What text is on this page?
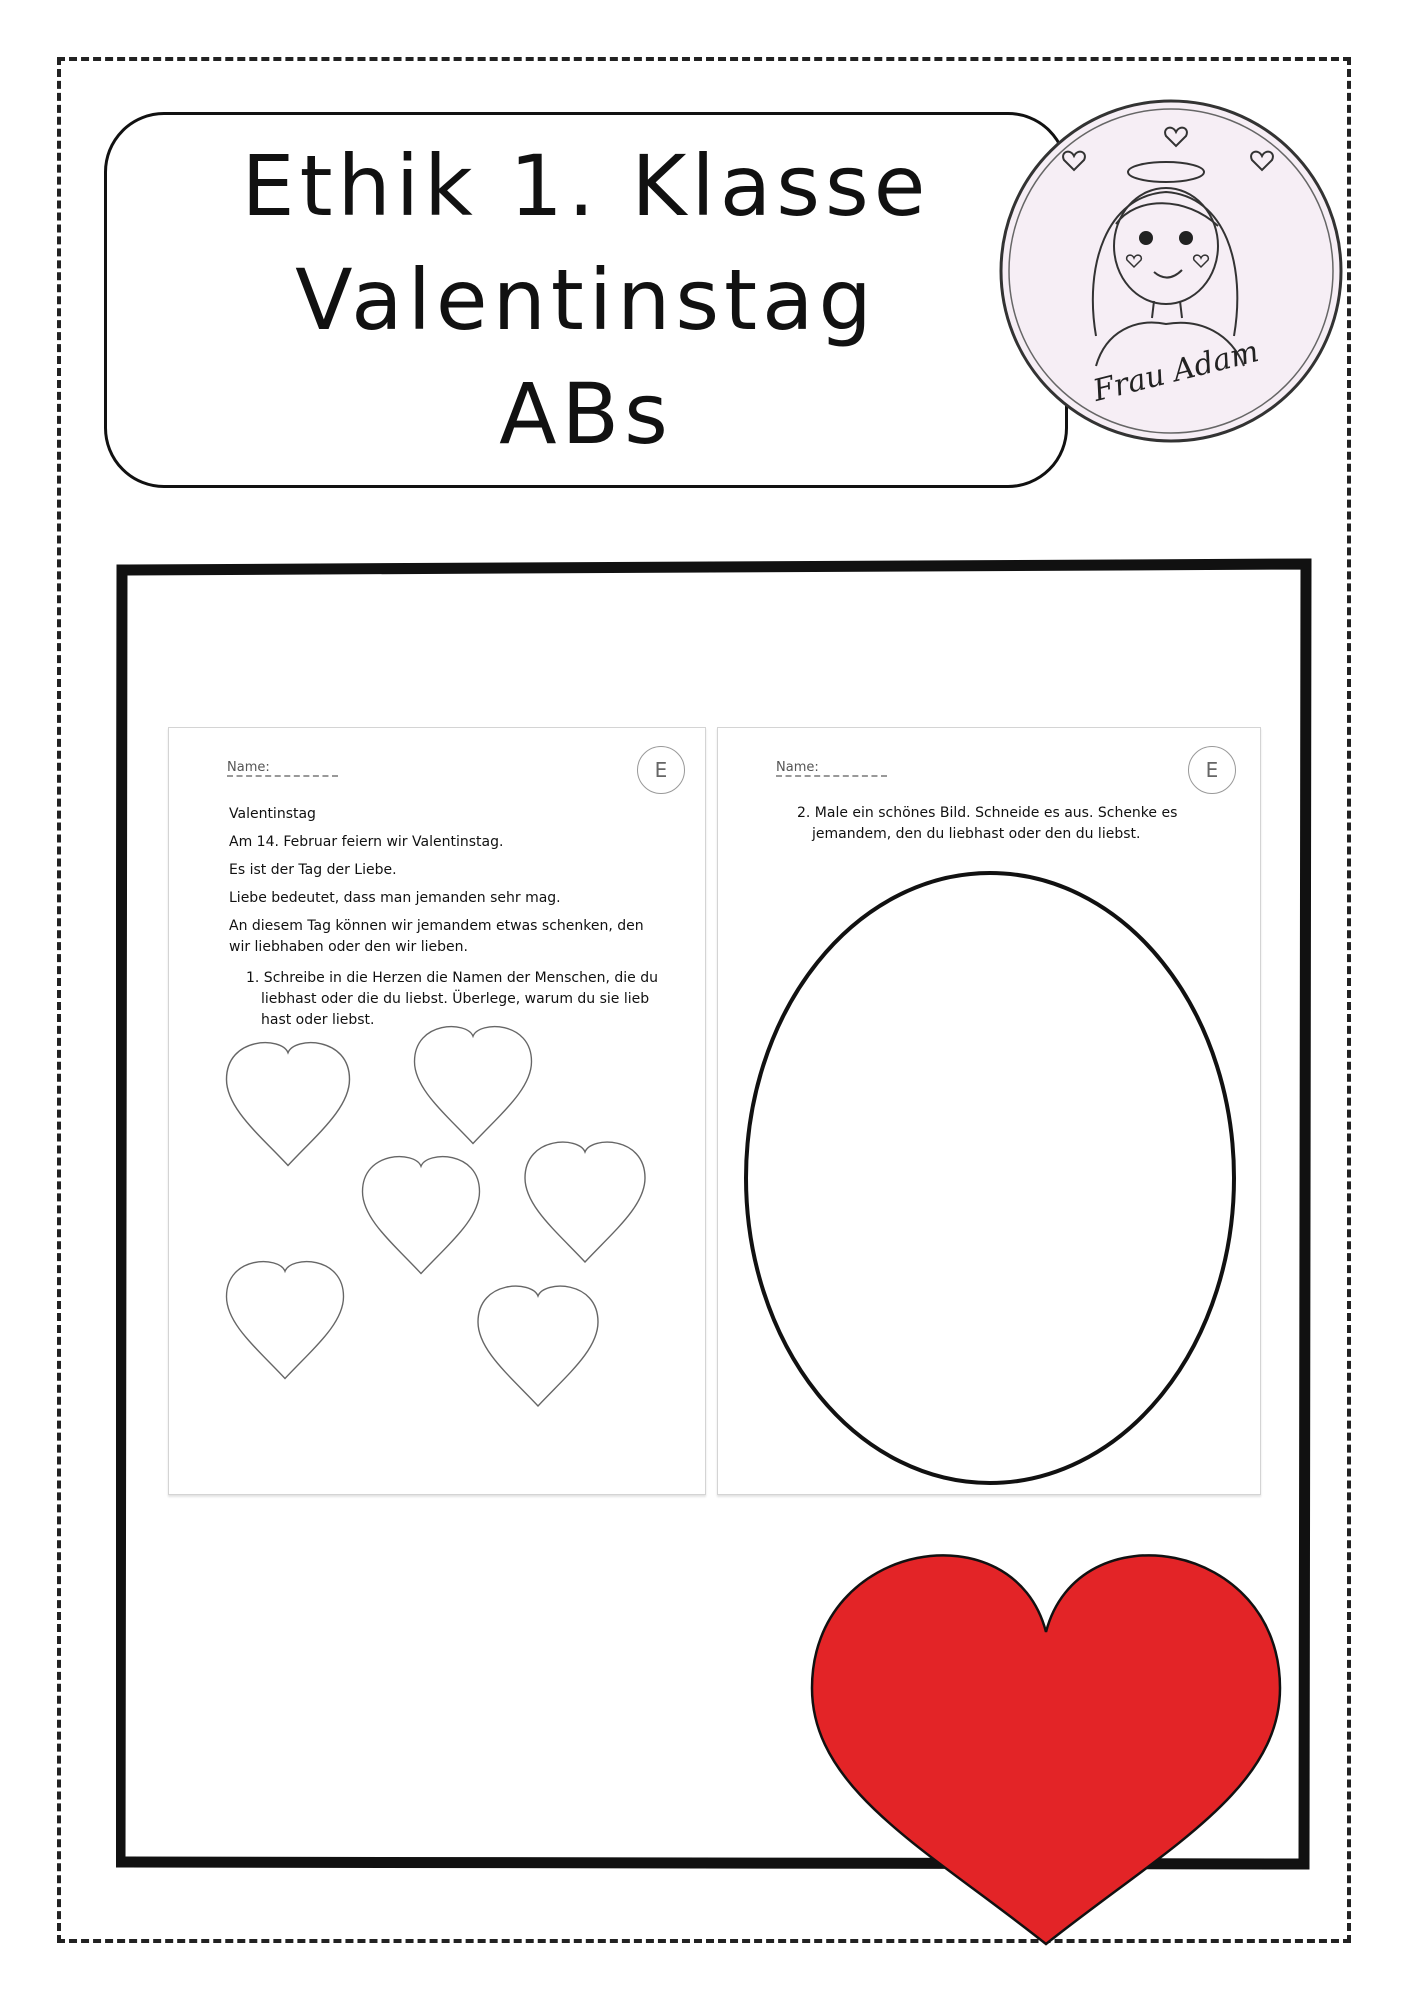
Ethik 1. Klasse
Valentinstag
ABs	Frau Adam
Name:	E
Valentinstag
Am 14. Februar feiern wir Valentinstag.
Es ist der Tag der Liebe.
Liebe bedeutet, dass man jemanden sehr mag.
An diesem Tag können wir jemandem etwas schenken, den wir liebhaben oder den wir lieben.
1. Schreibe in die Herzen die Namen der Menschen, die du liebhast oder die du liebst. Überlege, warum du sie lieb hast oder liebst.
Name:	E
2. Male ein schönes Bild. Schneide es aus. Schenke es jemandem, den du liebhast oder den du liebst.
